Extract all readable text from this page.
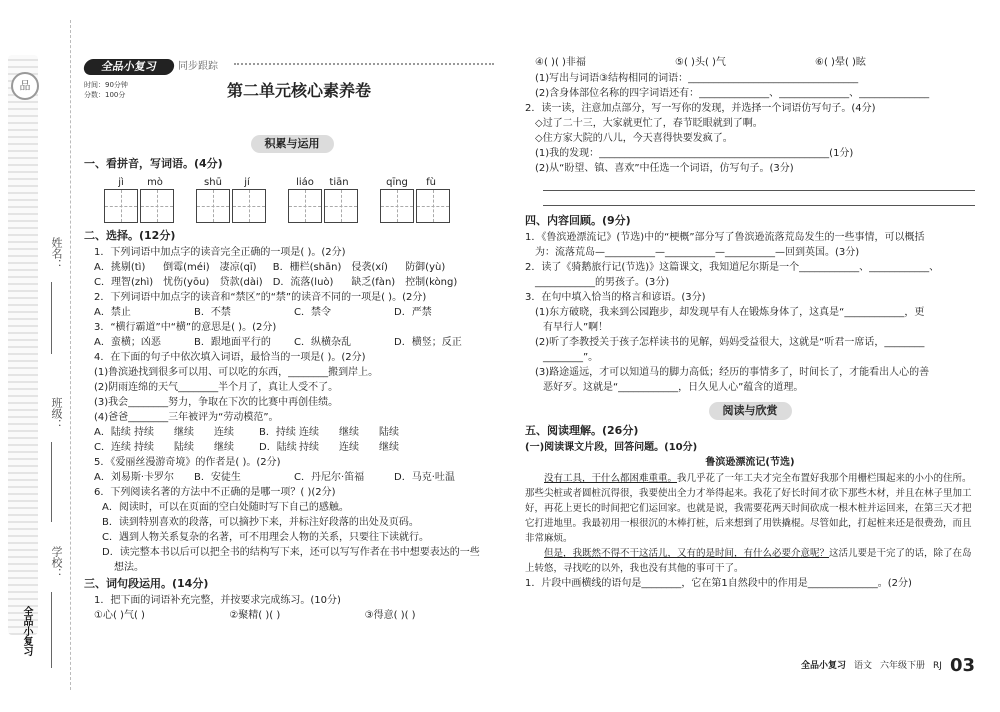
品
姓名：
班级：
学校：
全品小复习
全品小复习	同步跟踪
时间：90分钟
分数：100分	第二单元核心素养卷
积累与运用
一、看拼音，写词语。(4分)
jì	mò	shū	jí	liáo	tiān	qīng	fù
二、选择。(12分)
1．下列词语中加点字的读音完全正确的一项是( )。(2分)
A．挑剔(tì)	倒霉(méi) 凄凉(qī)	B．栅栏(shān) 侵袭(xí)	防御(yù)
C．理智(zhì) 忧伤(yōu) 贷款(dài) D．流落(luò)	缺乏(fàn) 控制(kòng)
2．下列词语中加点字的读音和“禁区”的“禁”的读音不同的一项是( )。(2分)
A．禁止	B．不禁	C．禁令	D．严禁
3．“横行霸道”中“横”的意思是( )。(2分)
A．蛮横；凶恶	B．跟地面平行的	C．纵横杂乱	D．横竖；反正
4．在下面的句子中依次填入词语，最恰当的一项是( )。(2分)
(1)鲁滨逊找到很多可以用、可以吃的东西，________搬到岸上。
(2)阴雨连绵的天气________半个月了，真让人受不了。
(3)我会________努力，争取在下次的比赛中再创佳绩。
(4)爸爸________三年被评为“劳动模范”。
A．陆续 持续	继续	连续	B．持续 连续	继续	陆续
C．连续 持续	陆续	继续	D．陆续 持续	连续	继续
5．《爱丽丝漫游奇境》的作者是( )。(2分)
A．刘易斯·卡罗尔	B．安徒生	C．丹尼尔·笛福	D．马克·吐温
6．下列阅读名著的方法中不正确的是哪一项？( )(2分)
A．阅读时，可以在页面的空白处随时写下自己的感触。
B．读到特别喜欢的段落，可以摘抄下来，并标注好段落的出处及页码。
C．遇到人物关系复杂的名著，可不用理会人物的关系，只要往下读就行。
D．读完整本书以后可以把全书的结构写下来，还可以写写作者在书中想要表达的一些
想法。
三、词句段运用。(14分)
1．把下面的词语补充完整，并按要求完成练习。(10分)
①心( )气( )	②聚精( )( )	③得意( )( )
④( )( )非福	⑤( )头( )气	⑥( )晕( )眩
(1)写出与词语③结构相同的词语：__________________________________
(2)含身体部位名称的四字词语还有：______________、______________、______________
2．读一读，注意加点部分，写一写你的发现，并选择一个词语仿写句子。(4分)
◇过了二十三，大家就更忙了，春节眨眼就到了啊。
◇住方家大院的八儿，今天喜得快要发疯了。
(1)我的发现：______________________________________________(1分)
(2)从“盼望、镇、喜欢”中任选一个词语，仿写句子。(3分)
四、内容回顾。(9分)
1．《鲁滨逊漂流记》(节选)中的“梗概”部分写了鲁滨逊流落荒岛发生的一些事情，可以概括
为：流落荒岛—__________—__________—__________—回到英国。(3分)
2．读了《骑鹅旅行记(节选)》这篇课文，我知道尼尔斯是一个____________、____________、
____________的男孩子。(3分)
3．在句中填入恰当的格言和谚语。(3分)
(1)东方破晓，我来到公园跑步，却发现早有人在锻炼身体了，这真是“____________，更
有早行人”啊！
(2)听了李教授关于孩子怎样读书的见解，妈妈受益很大，这就是“听君一席话，________
________”。
(3)路途遥远，才可以知道马的脚力高低；经历的事情多了，时间长了，才能看出人心的善
恶好歹。这就是“____________，日久见人心”蕴含的道理。
阅读与欣赏
五、阅读理解。(26分)
(一)阅读课文片段，回答问题。(10分)
鲁滨逊漂流记(节选)
没有工具，干什么都困难重重。我几乎花了一年工夫才完全布置好我那个用栅栏围起来的小小的住所。那些尖桩或者圆桩沉得很，我要使出全力才举得起来。我花了好长时间才砍下那些木材，并且在林子里加工好，再花上更长的时间把它们运回家。也就是说，我需要花两天时间砍成一根木桩并运回来，在第三天才把它打进地里。我最初用一根很沉的木棒打桩，后来想到了用铁撬棍。尽管如此，打起桩来还是很费劲，而且非常麻烦。
但是，我既然不得不干这活儿，又有的是时间，有什么必要介意呢？这活儿要是干完了的话，除了在岛上转悠，寻找吃的以外，我也没有其他的事可干了。
1．片段中画横线的语句是________，它在第1自然段中的作用是______________。(2分)
全品小复习 语文 六年级下册 RJ 03
